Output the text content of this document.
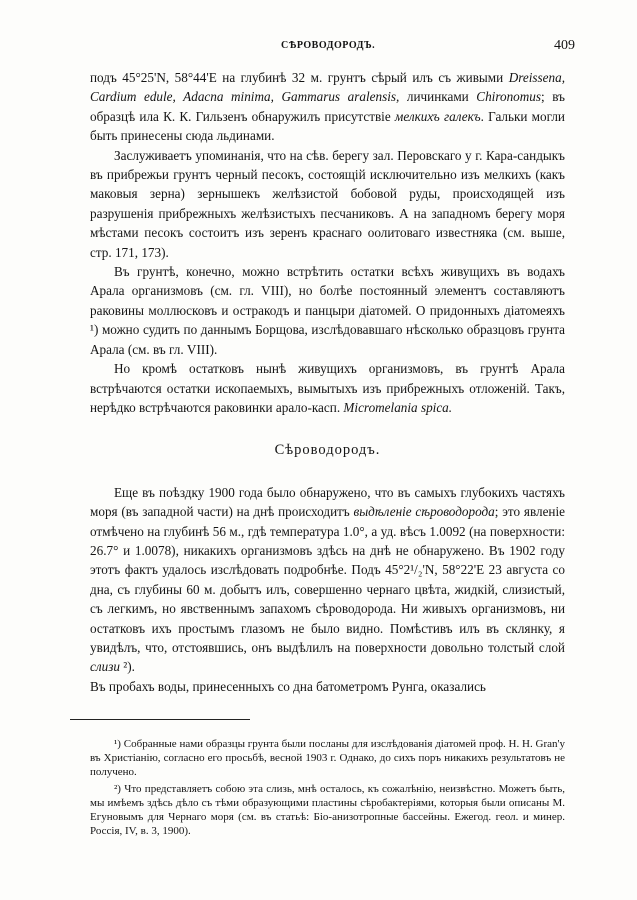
СѢРОВОДОРОДЪ.	409

подъ 45°25'N, 58°44'E на глубинѣ 32 м. грунтъ сѣрый илъ съ живыми Dreissena, Cardium edule, Adacna minima, Gammarus aralensis, личинками Chironomus; въ образцѣ ила К. К. Гильзенъ обнаружилъ присутствіе мелкихъ галекъ. Гальки могли быть принесены сюда льдинами.

Заслуживаетъ упоминанія, что на сѣв. берегу зал. Перовскаго у г. Кара-сандыкъ въ прибрежьи грунтъ черный песокъ, состоящій исключительно изъ мелкихъ (какъ маковыя зерна) зернышекъ желѣзистой бобовой руды, происходящей изъ разрушенія прибрежныхъ желѣзистыхъ песчаниковъ. А на западномъ берегу моря мѣстами песокъ состоитъ изъ зеренъ краснаго оолитоваго известняка (см. выше, стр. 171, 173).

Въ грунтѣ, конечно, можно встрѣтить остатки всѣхъ живущихъ въ водахъ Арала организмовъ (см. гл. VIII), но болѣе постоянный элементъ составляютъ раковины моллюсковъ и остракодъ и панцыри діатомей. О придонныхъ діатомеяхъ ¹) можно судить по даннымъ Борщова, изслѣдовавшаго нѣсколько образцовъ грунта Арала (см. въ гл. VIII).

Но кромѣ остатковъ нынѣ живущихъ организмовъ, въ грунтѣ Арала встрѣчаются остатки ископаемыхъ, вымытыхъ изъ прибрежныхъ отложеній. Такъ, нерѣдко встрѣчаются раковинки арало-касп. Micromelania spica.

Сѣроводородъ.

Еще въ поѣздку 1900 года было обнаружено, что въ самыхъ глубокихъ частяхъ моря (въ западной части) на днѣ происходитъ выдѣленіе сѣроводорода; это явленіе отмѣчено на глубинѣ 56 м., гдѣ температура 1.0°, а уд. вѣсъ 1.0092 (на поверхности: 26.7° и 1.0078), никакихъ организмовъ здѣсь на днѣ не обнаружено. Въ 1902 году этотъ фактъ удалось изслѣдовать подробнѣе. Подъ 45°2¹/₂'N, 58°22'E 23 августа со дна, съ глубины 60 м. добытъ илъ, совершенно чернаго цвѣта, жидкій, слизистый, съ легкимъ, но явственнымъ запахомъ сѣроводорода. Ни живыхъ организмовъ, ни остатковъ ихъ простымъ глазомъ не было видно. Помѣстивъ илъ въ склянку, я увидѣлъ, что, отстоявшись, онъ выдѣлилъ на поверхности довольно толстый слой слизи ²).

Въ пробахъ воды, принесенныхъ со дна батометромъ Рунга, оказались

¹) Собранные нами образцы грунта были посланы для изслѣдованія діатомей проф. Н. Н. Gran'у въ Христіанію, согласно его просьбѣ, весной 1903 г. Однако, до сихъ поръ никакихъ результатовъ не получено.

²) Что представляетъ собою эта слизь, мнѣ осталось, къ сожалѣнію, неизвѣстно. Можетъ быть, мы имѣемъ здѣсь дѣло съ тѣми образующими пластины сѣробактеріями, которыя были описаны М. Егуновымъ для Чернаго моря (см. въ статьѣ: Біо-анизотропные бассейны. Ежегод. геол. и минер. Россія, IV, в. 3, 1900).
